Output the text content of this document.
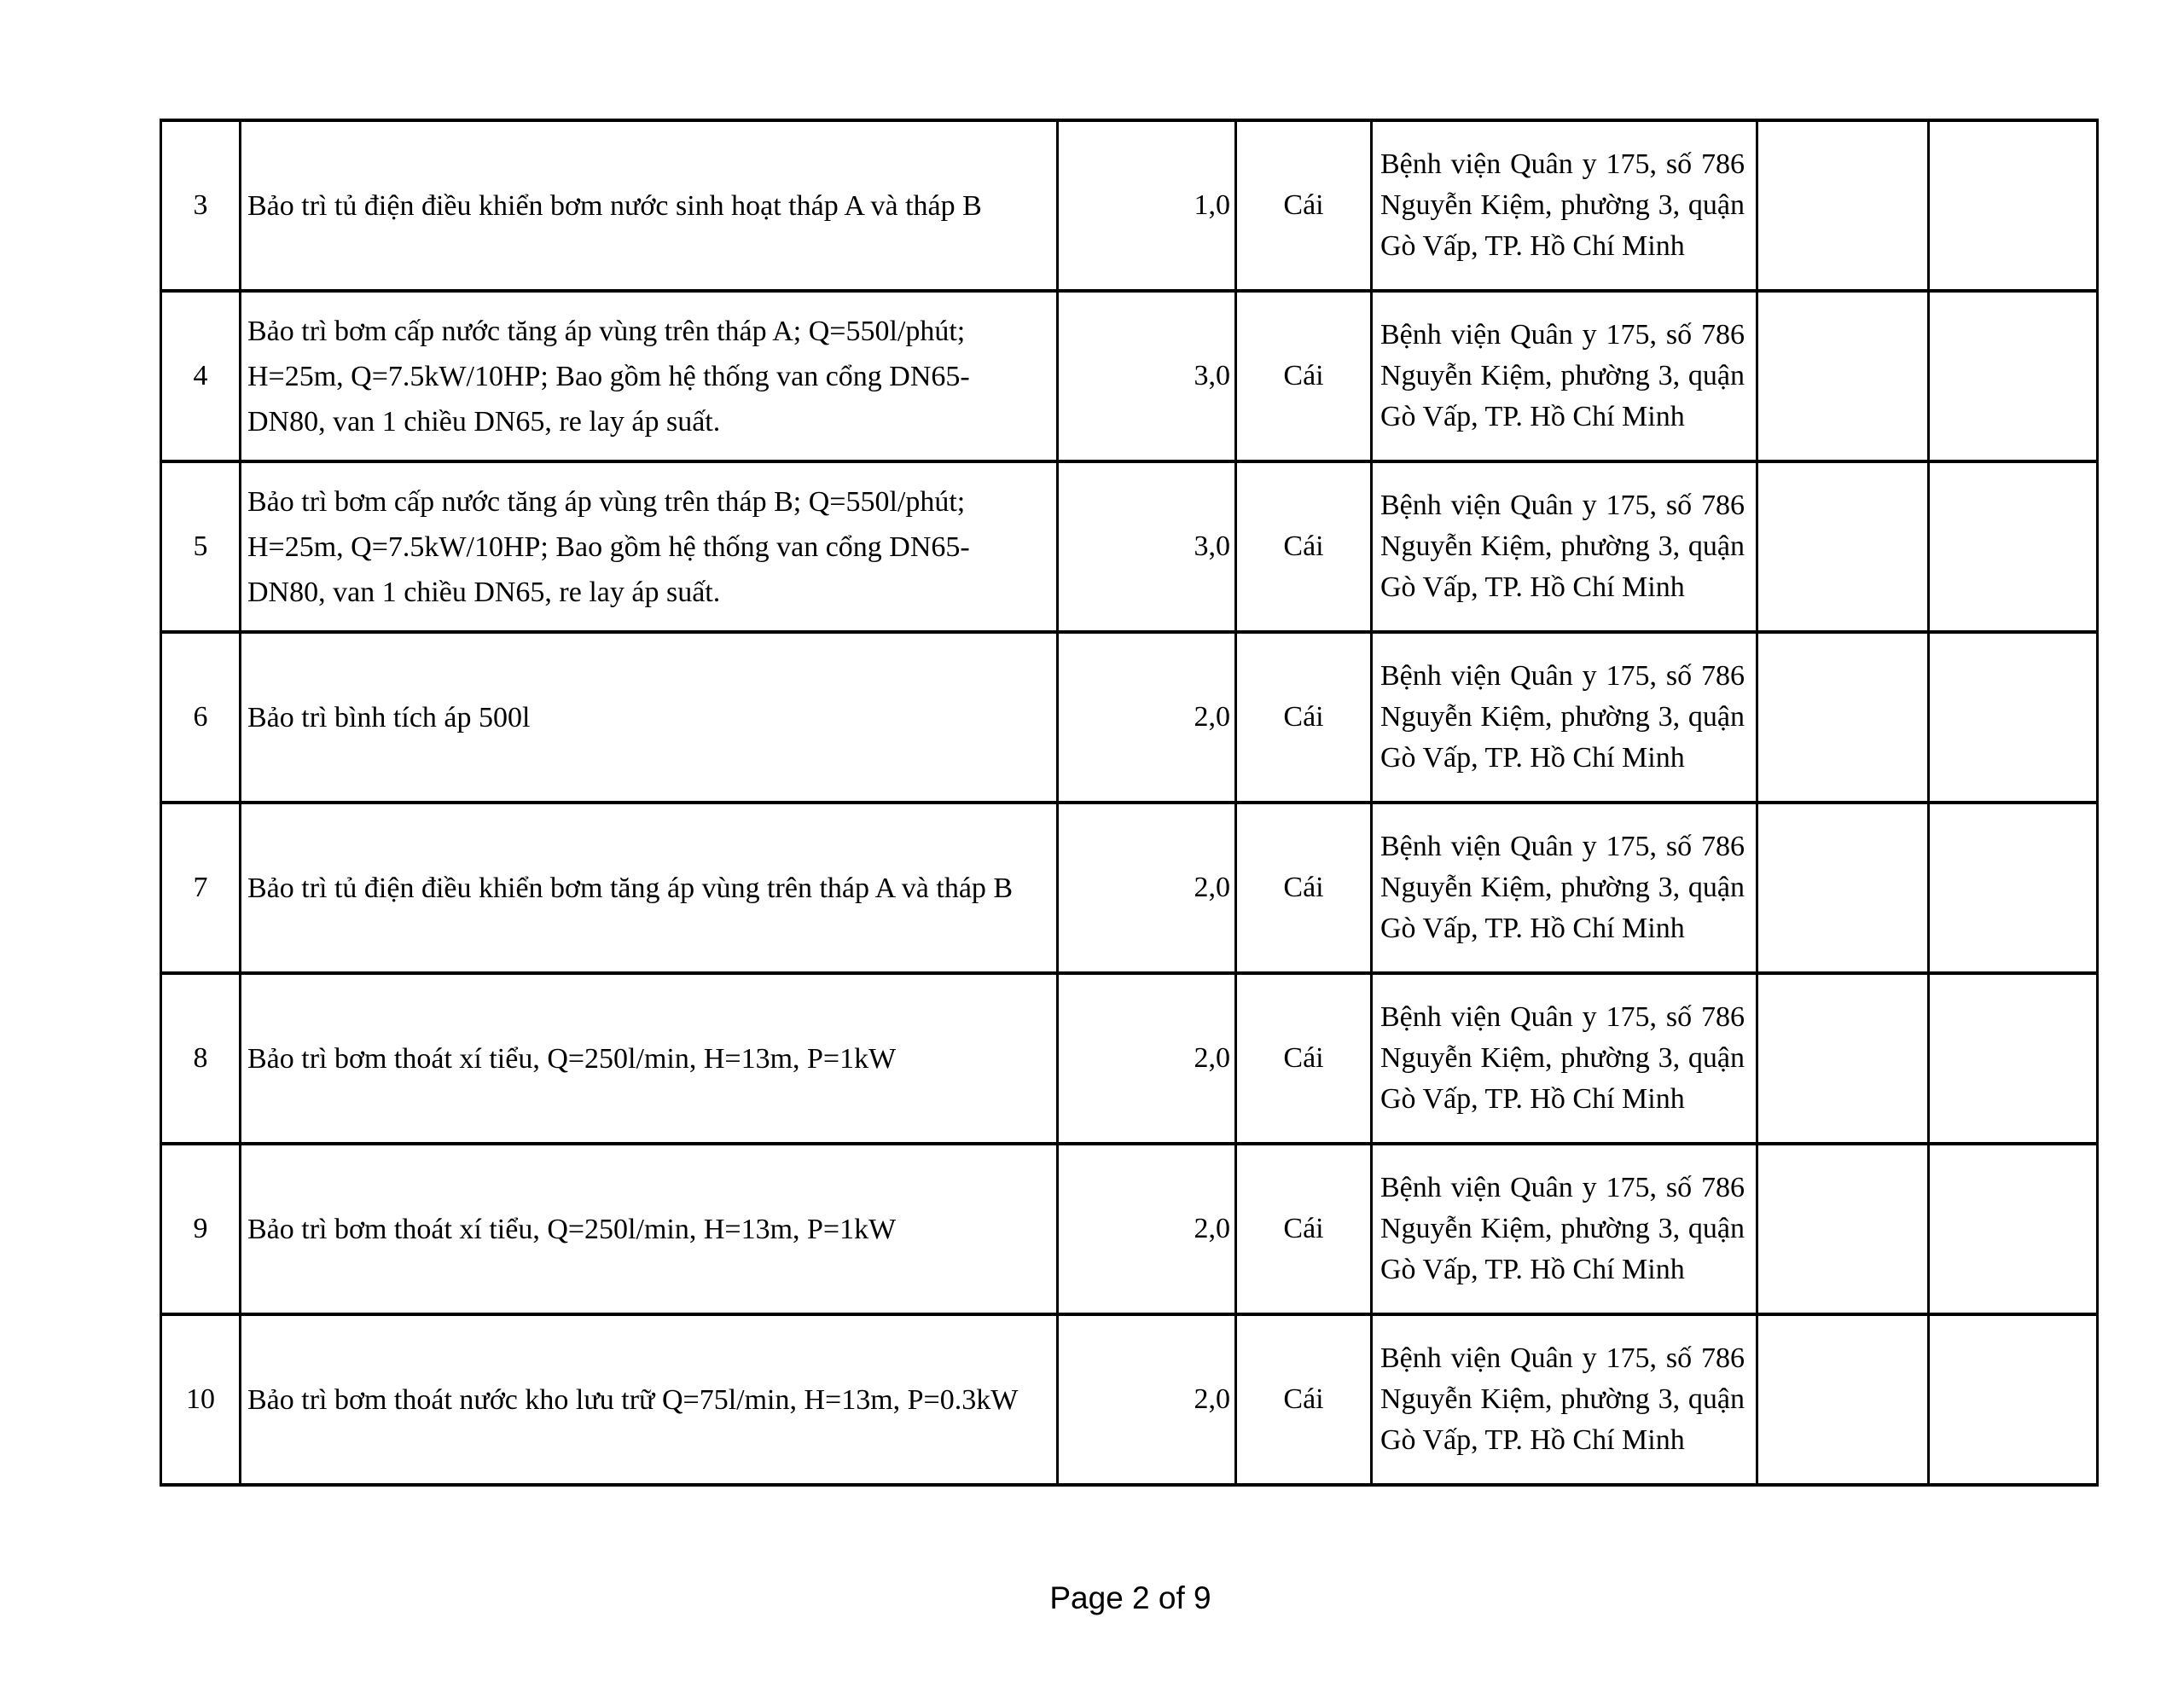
3	Bảo trì tủ điện điều khiển bơm nước sinh hoạt tháp A và tháp B	1,0	Cái	Bệnh viện Quân y 175, số 786 Nguyễn Kiệm, phường 3, quận Gò Vấp, TP. Hồ Chí Minh		
4	Bảo trì bơm cấp nước tăng áp vùng trên tháp A; Q=550l/phút; H=25m, Q=7.5kW/10HP; Bao gồm hệ thống van cổng DN65-DN80, van 1 chiều DN65, re lay áp suất.	3,0	Cái	Bệnh viện Quân y 175, số 786 Nguyễn Kiệm, phường 3, quận Gò Vấp, TP. Hồ Chí Minh		
5	Bảo trì bơm cấp nước tăng áp vùng trên tháp B; Q=550l/phút; H=25m, Q=7.5kW/10HP; Bao gồm hệ thống van cổng DN65-DN80, van 1 chiều DN65, re lay áp suất.	3,0	Cái	Bệnh viện Quân y 175, số 786 Nguyễn Kiệm, phường 3, quận Gò Vấp, TP. Hồ Chí Minh		
6	Bảo trì bình tích áp 500l	2,0	Cái	Bệnh viện Quân y 175, số 786 Nguyễn Kiệm, phường 3, quận Gò Vấp, TP. Hồ Chí Minh		
7	Bảo trì tủ điện điều khiển bơm tăng áp vùng trên tháp A và tháp B	2,0	Cái	Bệnh viện Quân y 175, số 786 Nguyễn Kiệm, phường 3, quận Gò Vấp, TP. Hồ Chí Minh		
8	Bảo trì bơm thoát xí tiểu, Q=250l/min, H=13m, P=1kW	2,0	Cái	Bệnh viện Quân y 175, số 786 Nguyễn Kiệm, phường 3, quận Gò Vấp, TP. Hồ Chí Minh		
9	Bảo trì bơm thoát xí tiểu, Q=250l/min, H=13m, P=1kW	2,0	Cái	Bệnh viện Quân y 175, số 786 Nguyễn Kiệm, phường 3, quận Gò Vấp, TP. Hồ Chí Minh		
10	Bảo trì bơm thoát nước kho lưu trữ Q=75l/min, H=13m, P=0.3kW	2,0	Cái	Bệnh viện Quân y 175, số 786 Nguyễn Kiệm, phường 3, quận Gò Vấp, TP. Hồ Chí Minh		
Page 2 of 9
